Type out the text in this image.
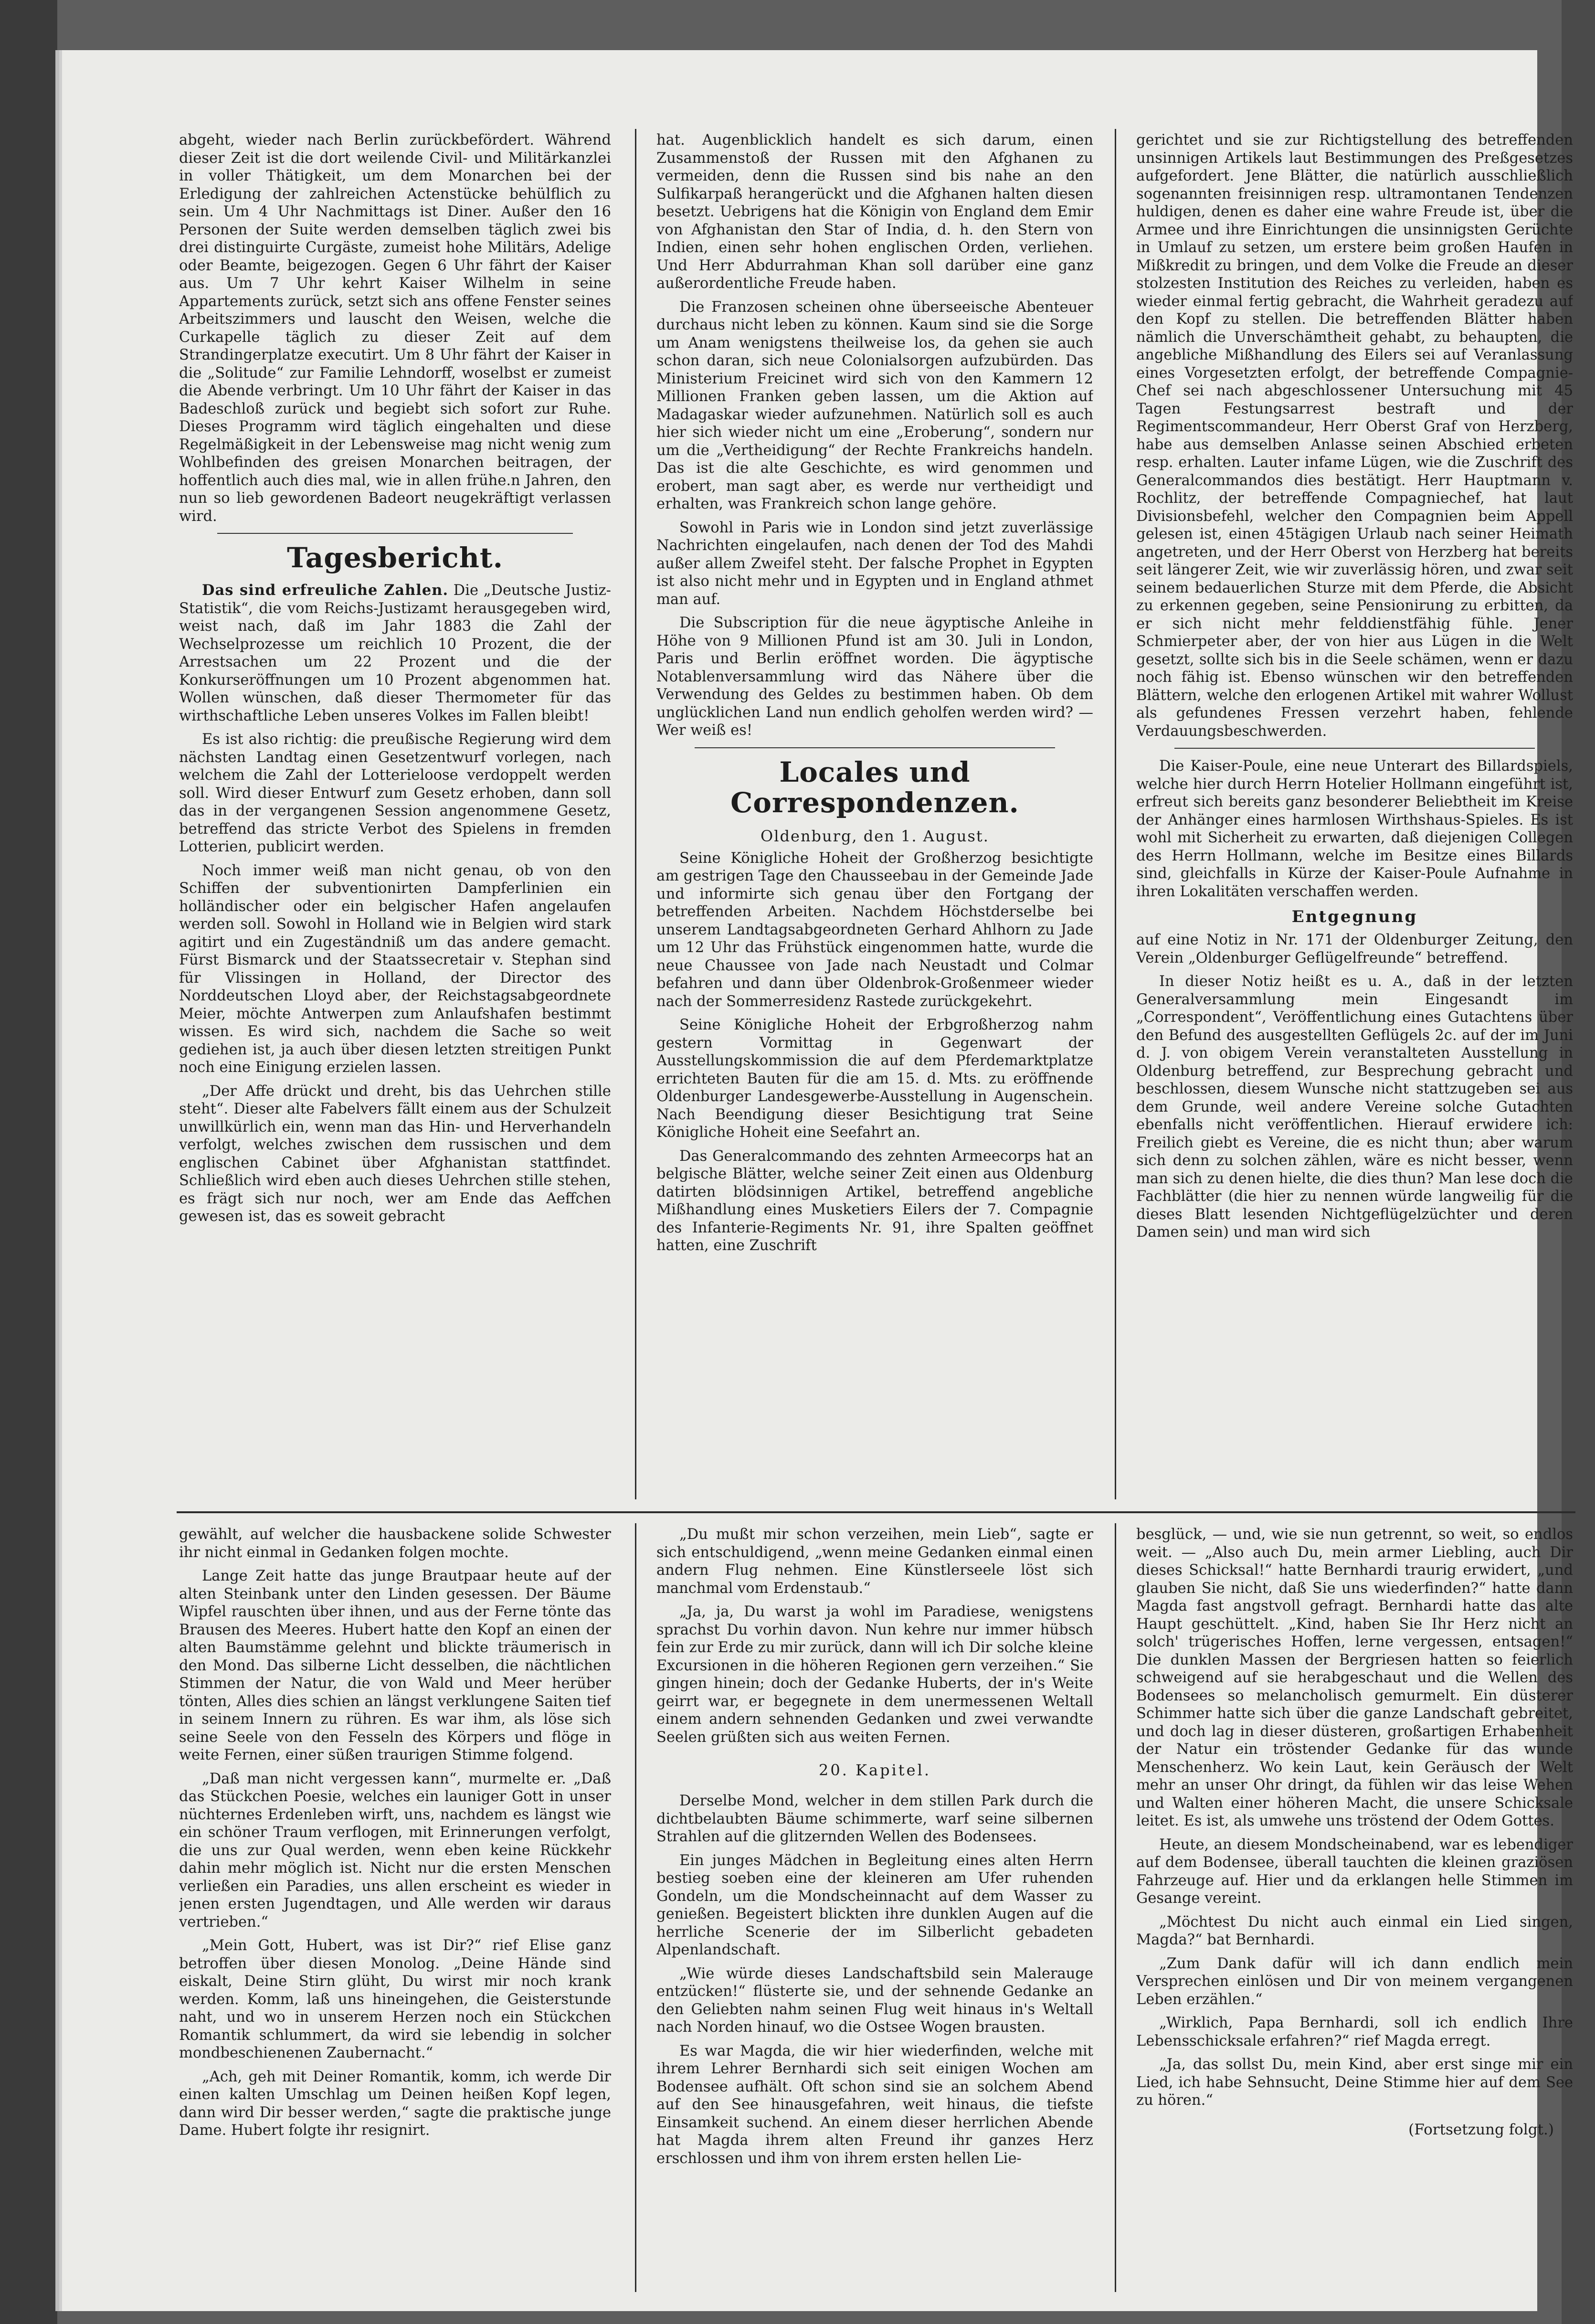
abgeht, wieder nach Berlin zurückbefördert. Während dieser Zeit ist die dort weilende Civil- und Militärkanzlei in voller Thätigkeit, um dem Monarchen bei der Erledigung der zahlreichen Actenstücke behülflich zu sein. Um 4 Uhr Nachmittags ist Diner. Außer den 16 Personen der Suite werden demselben täglich zwei bis drei distinguirte Curgäste, zumeist hohe Militärs, Adelige oder Beamte, beigezogen. Gegen 6 Uhr fährt der Kaiser aus. Um 7 Uhr kehrt Kaiser Wilhelm in seine Appartements zurück, setzt sich ans offene Fenster seines Arbeitszimmers und lauscht den Weisen, welche die Curkapelle täglich zu dieser Zeit auf dem Strandingerplatze executirt. Um 8 Uhr fährt der Kaiser in die „Solitude“ zur Familie Lehndorff, woselbst er zumeist die Abende verbringt. Um 10 Uhr fährt der Kaiser in das Badeschloß zurück und begiebt sich sofort zur Ruhe. Dieses Programm wird täglich eingehalten und diese Regelmäßigkeit in der Lebensweise mag nicht wenig zum Wohlbefinden des greisen Monarchen beitragen, der hoffentlich auch dies mal, wie in allen frühe.n Jahren, den nun so lieb gewordenen Badeort neugekräftigt verlassen wird.

Tagesbericht.

Das sind erfreuliche Zahlen. Die „Deutsche Justiz-Statistik“, die vom Reichs-Justizamt herausgegeben wird, weist nach, daß im Jahr 1883 die Zahl der Wechselprozesse um reichlich 10 Prozent, die der Arrestsachen um 22 Prozent und die der Konkurseröffnungen um 10 Prozent abgenommen hat. Wollen wünschen, daß dieser Thermometer für das wirthschaftliche Leben unseres Volkes im Fallen bleibt!

Es ist also richtig: die preußische Regierung wird dem nächsten Landtag einen Gesetzentwurf vorlegen, nach welchem die Zahl der Lotterieloose verdoppelt werden soll. Wird dieser Entwurf zum Gesetz erhoben, dann soll das in der vergangenen Session angenommene Gesetz, betreffend das stricte Verbot des Spielens in fremden Lotterien, publicirt werden.

Noch immer weiß man nicht genau, ob von den Schiffen der subventionirten Dampferlinien ein holländischer oder ein belgischer Hafen angelaufen werden soll. Sowohl in Holland wie in Belgien wird stark agitirt und ein Zugeständniß um das andere gemacht. Fürst Bismarck und der Staatssecretair v. Stephan sind für Vlissingen in Holland, der Director des Norddeutschen Lloyd aber, der Reichstagsabgeordnete Meier, möchte Antwerpen zum Anlaufshafen bestimmt wissen. Es wird sich, nachdem die Sache so weit gediehen ist, ja auch über diesen letzten streitigen Punkt noch eine Einigung erzielen lassen.

„Der Affe drückt und dreht, bis das Uehrchen stille steht“. Dieser alte Fabelvers fällt einem aus der Schulzeit unwillkürlich ein, wenn man das Hin- und Herverhandeln verfolgt, welches zwischen dem russischen und dem englischen Cabinet über Afghanistan stattfindet. Schließlich wird eben auch dieses Uehrchen stille stehen, es frägt sich nur noch, wer am Ende das Aeffchen gewesen ist, das es soweit gebracht

hat. Augenblicklich handelt es sich darum, einen Zusammenstoß der Russen mit den Afghanen zu vermeiden, denn die Russen sind bis nahe an den Sulfikarpaß herangerückt und die Afghanen halten diesen besetzt. Uebrigens hat die Königin von England dem Emir von Afghanistan den Star of India, d. h. den Stern von Indien, einen sehr hohen englischen Orden, verliehen. Und Herr Abdurrahman Khan soll darüber eine ganz außerordentliche Freude haben.

Die Franzosen scheinen ohne überseeische Abenteuer durchaus nicht leben zu können. Kaum sind sie die Sorge um Anam wenigstens theilweise los, da gehen sie auch schon daran, sich neue Colonialsorgen aufzubürden. Das Ministerium Freicinet wird sich von den Kammern 12 Millionen Franken geben lassen, um die Aktion auf Madagaskar wieder aufzunehmen. Natürlich soll es auch hier sich wieder nicht um eine „Eroberung“, sondern nur um die „Vertheidigung“ der Rechte Frankreichs handeln. Das ist die alte Geschichte, es wird genommen und erobert, man sagt aber, es werde nur vertheidigt und erhalten, was Frankreich schon lange gehöre.

Sowohl in Paris wie in London sind jetzt zuverlässige Nachrichten eingelaufen, nach denen der Tod des Mahdi außer allem Zweifel steht. Der falsche Prophet in Egypten ist also nicht mehr und in Egypten und in England athmet man auf.

Die Subscription für die neue ägyptische Anleihe in Höhe von 9 Millionen Pfund ist am 30. Juli in London, Paris und Berlin eröffnet worden. Die ägyptische Notablenversammlung wird das Nähere über die Verwendung des Geldes zu bestimmen haben. Ob dem unglücklichen Land nun endlich geholfen werden wird? — Wer weiß es!

Locales und Correspondenzen.
Oldenburg, den 1. August.

Seine Königliche Hoheit der Großherzog besichtigte am gestrigen Tage den Chausseebau in der Gemeinde Jade und informirte sich genau über den Fortgang der betreffenden Arbeiten. Nachdem Höchstderselbe bei unserem Landtagsabgeordneten Gerhard Ahlhorn zu Jade um 12 Uhr das Frühstück eingenommen hatte, wurde die neue Chaussee von Jade nach Neustadt und Colmar befahren und dann über Oldenbrok-Großenmeer wieder nach der Sommerresidenz Rastede zurückgekehrt.

Seine Königliche Hoheit der Erbgroßherzog nahm gestern Vormittag in Gegenwart der Ausstellungskommission die auf dem Pferdemarktplatze errichteten Bauten für die am 15. d. Mts. zu eröffnende Oldenburger Landesgewerbe-Ausstellung in Augenschein. Nach Beendigung dieser Besichtigung trat Seine Königliche Hoheit eine Seefahrt an.

Das Generalcommando des zehnten Armeecorps hat an belgische Blätter, welche seiner Zeit einen aus Oldenburg datirten blödsinnigen Artikel, betreffend angebliche Mißhandlung eines Musketiers Eilers der 7. Compagnie des Infanterie-Regiments Nr. 91, ihre Spalten geöffnet hatten, eine Zuschrift

gerichtet und sie zur Richtigstellung des betreffenden unsinnigen Artikels laut Bestimmungen des Preßgesetzes aufgefordert. Jene Blätter, die natürlich ausschließlich sogenannten freisinnigen resp. ultramontanen Tendenzen huldigen, denen es daher eine wahre Freude ist, über die Armee und ihre Einrichtungen die unsinnigsten Gerüchte in Umlauf zu setzen, um erstere beim großen Haufen in Mißkredit zu bringen, und dem Volke die Freude an dieser stolzesten Institution des Reiches zu verleiden, haben es wieder einmal fertig gebracht, die Wahrheit geradezu auf den Kopf zu stellen. Die betreffenden Blätter haben nämlich die Unverschämtheit gehabt, zu behaupten, die angebliche Mißhandlung des Eilers sei auf Veranlassung eines Vorgesetzten erfolgt, der betreffende Compagnie-Chef sei nach abgeschlossener Untersuchung mit 45 Tagen Festungsarrest bestraft und der Regimentscommandeur, Herr Oberst Graf von Herzberg, habe aus demselben Anlasse seinen Abschied erbeten resp. erhalten. Lauter infame Lügen, wie die Zuschrift des Generalcommandos dies bestätigt. Herr Hauptmann v. Rochlitz, der betreffende Compagniechef, hat laut Divisionsbefehl, welcher den Compagnien beim Appell gelesen ist, einen 45tägigen Urlaub nach seiner Heimath angetreten, und der Herr Oberst von Herzberg hat bereits seit längerer Zeit, wie wir zuverlässig hören, und zwar seit seinem bedauerlichen Sturze mit dem Pferde, die Absicht zu erkennen gegeben, seine Pensionirung zu erbitten, da er sich nicht mehr felddienstfähig fühle. Jener Schmierpeter aber, der von hier aus Lügen in die Welt gesetzt, sollte sich bis in die Seele schämen, wenn er dazu noch fähig ist. Ebenso wünschen wir den betreffenden Blättern, welche den erlogenen Artikel mit wahrer Wollust als gefundenes Fressen verzehrt haben, fehlende Verdauungsbeschwerden.

Die Kaiser-Poule, eine neue Unterart des Billardspiels, welche hier durch Herrn Hotelier Hollmann eingeführt ist, erfreut sich bereits ganz besonderer Beliebtheit im Kreise der Anhänger eines harmlosen Wirthshaus-Spieles. Es ist wohl mit Sicherheit zu erwarten, daß diejenigen Collegen des Herrn Hollmann, welche im Besitze eines Billards sind, gleichfalls in Kürze der Kaiser-Poule Aufnahme in ihren Lokalitäten verschaffen werden.

Entgegnung

auf eine Notiz in Nr. 171 der Oldenburger Zeitung, den Verein „Oldenburger Geflügelfreunde“ betreffend.

In dieser Notiz heißt es u. A., daß in der letzten Generalversammlung mein Eingesandt im „Correspondent“, Veröffentlichung eines Gutachtens über den Befund des ausgestellten Geflügels 2c. auf der im Juni d. J. von obigem Verein veranstalteten Ausstellung in Oldenburg betreffend, zur Besprechung gebracht und beschlossen, diesem Wunsche nicht stattzugeben sei aus dem Grunde, weil andere Vereine solche Gutachten ebenfalls nicht veröffentlichen. Hierauf erwidere ich: Freilich giebt es Vereine, die es nicht thun; aber warum sich denn zu solchen zählen, wäre es nicht besser, wenn man sich zu denen hielte, die dies thun? Man lese doch die Fachblätter (die hier zu nennen würde langweilig für die dieses Blatt lesenden Nichtgeflügelzüchter und deren Damen sein) und man wird sich

gewählt, auf welcher die hausbackene solide Schwester ihr nicht einmal in Gedanken folgen mochte.

Lange Zeit hatte das junge Brautpaar heute auf der alten Steinbank unter den Linden gesessen. Der Bäume Wipfel rauschten über ihnen, und aus der Ferne tönte das Brausen des Meeres. Hubert hatte den Kopf an einen der alten Baumstämme gelehnt und blickte träumerisch in den Mond. Das silberne Licht desselben, die nächtlichen Stimmen der Natur, die von Wald und Meer herüber tönten, Alles dies schien an längst verklungene Saiten tief in seinem Innern zu rühren. Es war ihm, als löse sich seine Seele von den Fesseln des Körpers und flöge in weite Fernen, einer süßen traurigen Stimme folgend.

„Daß man nicht vergessen kann“, murmelte er. „Daß das Stückchen Poesie, welches ein launiger Gott in unser nüchternes Erdenleben wirft, uns, nachdem es längst wie ein schöner Traum verflogen, mit Erinnerungen verfolgt, die uns zur Qual werden, wenn eben keine Rückkehr dahin mehr möglich ist. Nicht nur die ersten Menschen verließen ein Paradies, uns allen erscheint es wieder in jenen ersten Jugendtagen, und Alle werden wir daraus vertrieben.“

„Mein Gott, Hubert, was ist Dir?“ rief Elise ganz betroffen über diesen Monolog. „Deine Hände sind eiskalt, Deine Stirn glüht, Du wirst mir noch krank werden. Komm, laß uns hineingehen, die Geisterstunde naht, und wo in unserem Herzen noch ein Stückchen Romantik schlummert, da wird sie lebendig in solcher mondbeschienenen Zaubernacht.“

„Ach, geh mit Deiner Romantik, komm, ich werde Dir einen kalten Umschlag um Deinen heißen Kopf legen, dann wird Dir besser werden,“ sagte die praktische junge Dame. Hubert folgte ihr resignirt.

„Du mußt mir schon verzeihen, mein Lieb“, sagte er sich entschuldigend, „wenn meine Gedanken einmal einen andern Flug nehmen. Eine Künstlerseele löst sich manchmal vom Erdenstaub.“

„Ja, ja, Du warst ja wohl im Paradiese, wenigstens sprachst Du vorhin davon. Nun kehre nur immer hübsch fein zur Erde zu mir zurück, dann will ich Dir solche kleine Excursionen in die höheren Regionen gern verzeihen.“ Sie gingen hinein; doch der Gedanke Huberts, der in's Weite geirrt war, er begegnete in dem unermessenen Weltall einem andern sehnenden Gedanken und zwei verwandte Seelen grüßten sich aus weiten Fernen.

20. Kapitel.

Derselbe Mond, welcher in dem stillen Park durch die dichtbelaubten Bäume schimmerte, warf seine silbernen Strahlen auf die glitzernden Wellen des Bodensees.

Ein junges Mädchen in Begleitung eines alten Herrn bestieg soeben eine der kleineren am Ufer ruhenden Gondeln, um die Mondscheinnacht auf dem Wasser zu genießen. Begeistert blickten ihre dunklen Augen auf die herrliche Scenerie der im Silberlicht gebadeten Alpenlandschaft.

„Wie würde dieses Landschaftsbild sein Malerauge entzücken!“ flüsterte sie, und der sehnende Gedanke an den Geliebten nahm seinen Flug weit hinaus in's Weltall nach Norden hinauf, wo die Ostsee Wogen brausten.

Es war Magda, die wir hier wiederfinden, welche mit ihrem Lehrer Bernhardi sich seit einigen Wochen am Bodensee aufhält. Oft schon sind sie an solchem Abend auf den See hinausgefahren, weit hinaus, die tiefste Einsamkeit suchend. An einem dieser herrlichen Abende hat Magda ihrem alten Freund ihr ganzes Herz erschlossen und ihm von ihrem ersten hellen Lie-

besglück, — und, wie sie nun getrennt, so weit, so endlos weit. — „Also auch Du, mein armer Liebling, auch Dir dieses Schicksal!“ hatte Bernhardi traurig erwidert, „und glauben Sie nicht, daß Sie uns wiederfinden?“ hatte dann Magda fast angstvoll gefragt. Bernhardi hatte das alte Haupt geschüttelt. „Kind, haben Sie Ihr Herz nicht an solch' trügerisches Hoffen, lerne vergessen, entsagen!“ Die dunklen Massen der Bergriesen hatten so feierlich schweigend auf sie herabgeschaut und die Wellen des Bodensees so melancholisch gemurmelt. Ein düsterer Schimmer hatte sich über die ganze Landschaft gebreitet, und doch lag in dieser düsteren, großartigen Erhabenheit der Natur ein tröstender Gedanke für das wunde Menschenherz. Wo kein Laut, kein Geräusch der Welt mehr an unser Ohr dringt, da fühlen wir das leise Wehen und Walten einer höheren Macht, die unsere Schicksale leitet. Es ist, als umwehe uns tröstend der Odem Gottes.

Heute, an diesem Mondscheinabend, war es lebendiger auf dem Bodensee, überall tauchten die kleinen graziösen Fahrzeuge auf. Hier und da erklangen helle Stimmen im Gesange vereint.

„Möchtest Du nicht auch einmal ein Lied singen, Magda?“ bat Bernhardi.

„Zum Dank dafür will ich dann endlich mein Versprechen einlösen und Dir von meinem vergangenen Leben erzählen.“

„Wirklich, Papa Bernhardi, soll ich endlich Ihre Lebensschicksale erfahren?“ rief Magda erregt.

„Ja, das sollst Du, mein Kind, aber erst singe mir ein Lied, ich habe Sehnsucht, Deine Stimme hier auf dem See zu hören.“

(Fortsetzung folgt.)
